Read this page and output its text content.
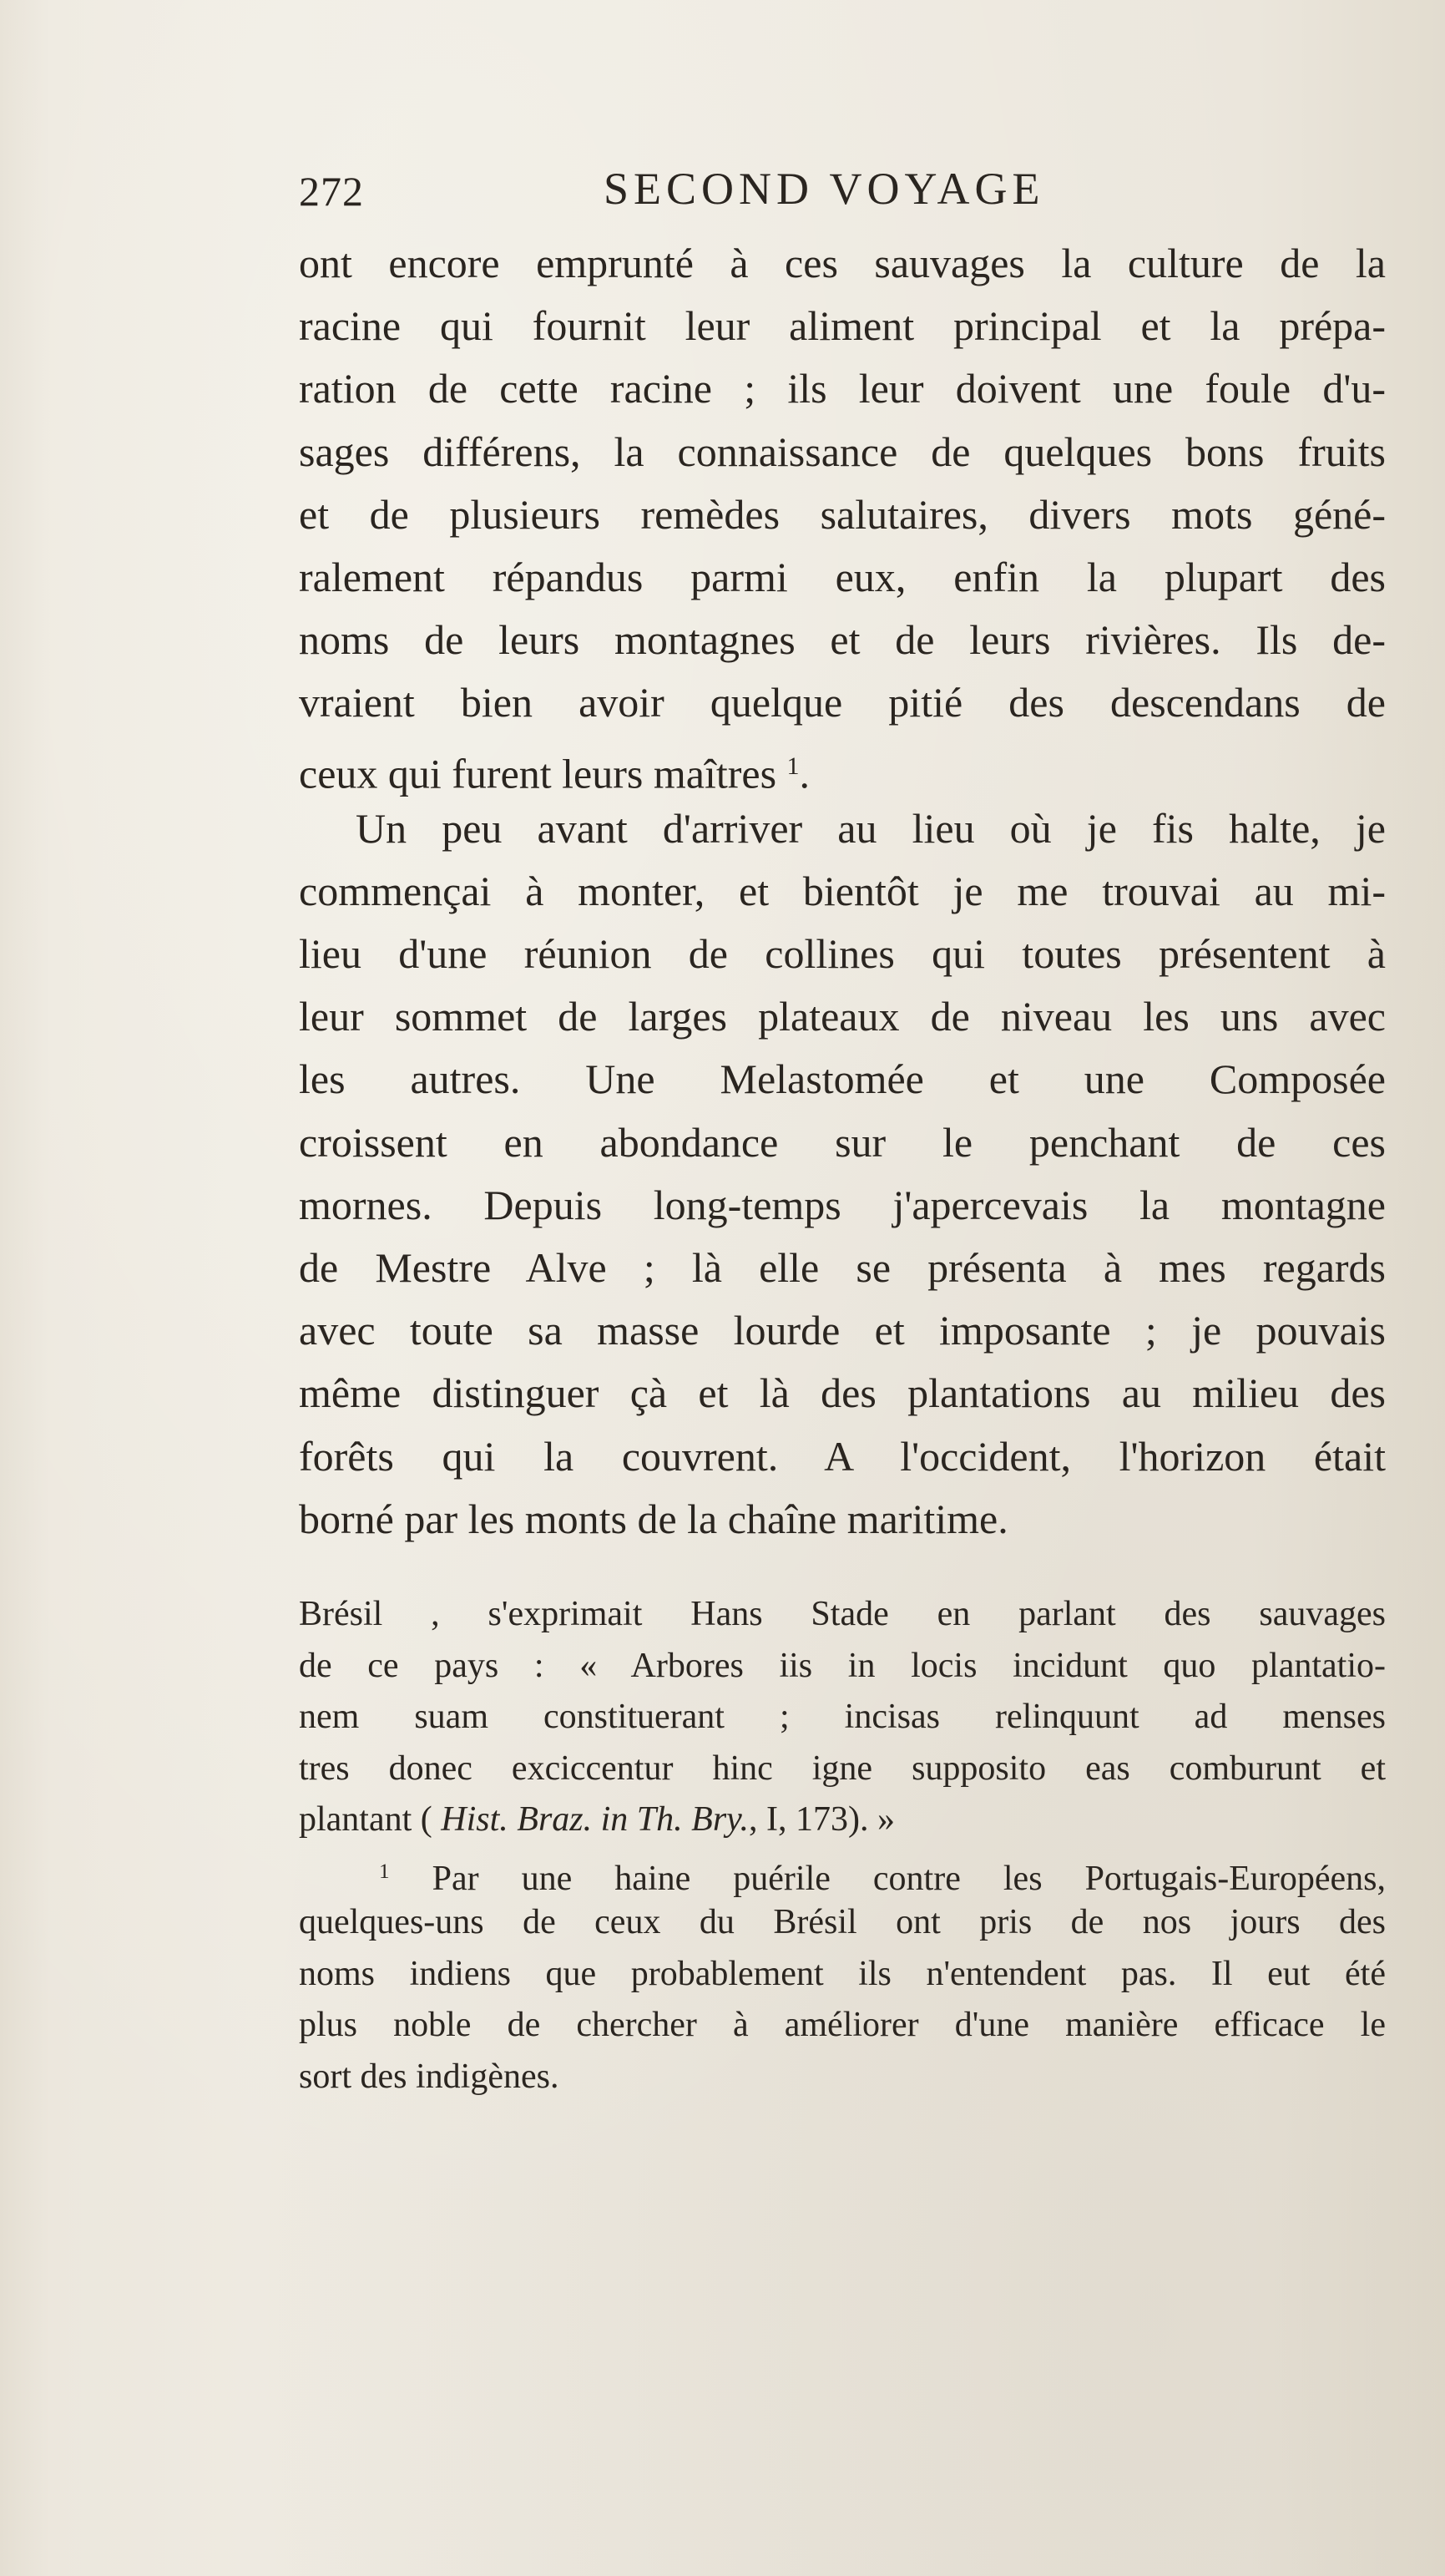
272	SECOND VOYAGE
ont encore emprunté à ces sauvages la culture de la
racine qui fournit leur aliment principal et la prépa-
ration de cette racine ; ils leur doivent une foule d'u-
sages différens, la connaissance de quelques bons fruits
et de plusieurs remèdes salutaires, divers mots géné-
ralement répandus parmi eux, enfin la plupart des
noms de leurs montagnes et de leurs rivières. Ils de-
vraient bien avoir quelque pitié des descendans de
ceux qui furent leurs maîtres $^1$.
Un peu avant d'arriver au lieu où je fis halte, je
commençai à monter, et bientôt je me trouvai au mi-
lieu d'une réunion de collines qui toutes présentent à
leur sommet de larges plateaux de niveau les uns avec
les autres. Une Melastomée et une Composée
croissent en abondance sur le penchant de ces
mornes. Depuis long-temps j'apercevais la montagne
de Mestre Alve ; là elle se présenta à mes regards
avec toute sa masse lourde et imposante ; je pouvais
même distinguer çà et là des plantations au milieu des
forêts qui la couvrent. A l'occident, l'horizon était
borné par les monts de la chaîne maritime.
Brésil , s'exprimait Hans Stade en parlant des sauvages
de ce pays : « Arbores iis in locis incidunt quo plantatio-
nem suam constituerant ; incisas relinquunt ad menses
tres donec exciccentur hinc igne supposito eas comburunt et
plantant ( Hist. Braz. in Th. Bry., I, 173). »
$^1$ Par une haine puérile contre les Portugais-Européens,
quelques-uns de ceux du Brésil ont pris de nos jours des
noms indiens que probablement ils n'entendent pas. Il eut été
plus noble de chercher à améliorer d'une manière efficace le
sort des indigènes.
